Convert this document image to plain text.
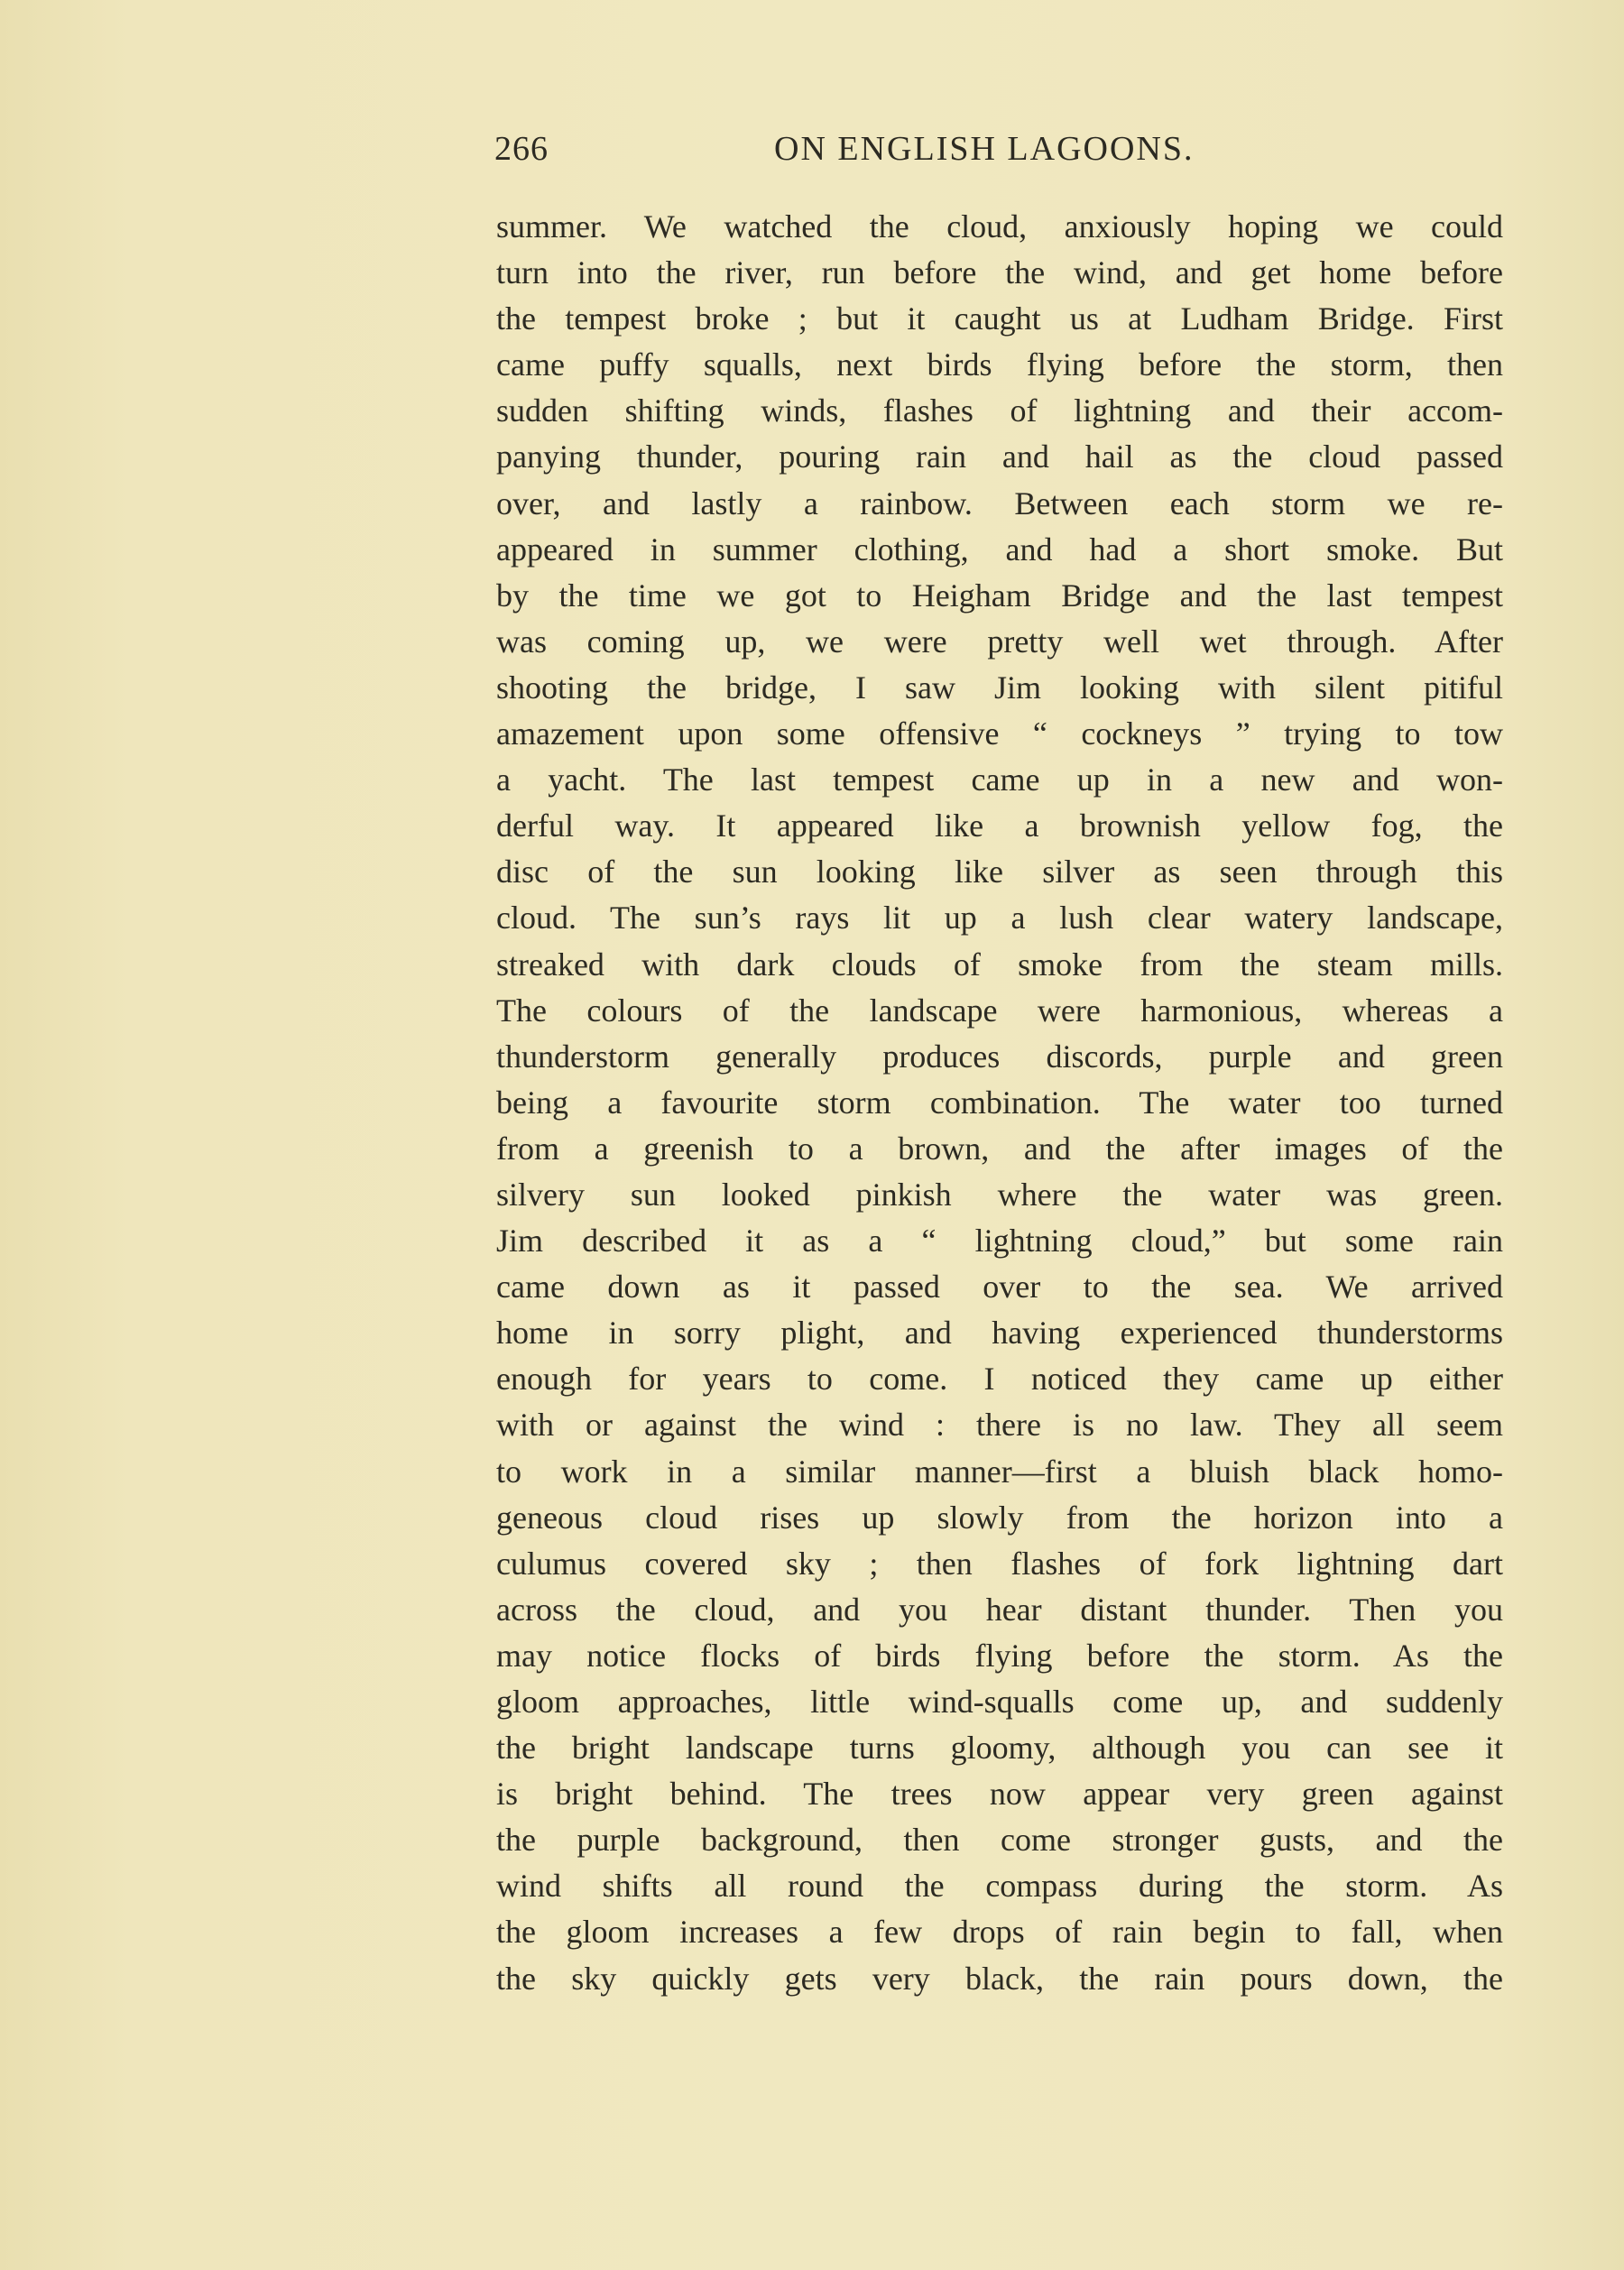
266	ON ENGLISH LAGOONS.
summer. We watched the cloud, anxiously hoping we could
turn into the river, run before the wind, and get home before
the tempest broke ; but it caught us at Ludham Bridge. First
came puffy squalls, next birds flying before the storm, then
sudden shifting winds, flashes of lightning and their accom-
panying thunder, pouring rain and hail as the cloud passed
over, and lastly a rainbow. Between each storm we re-
appeared in summer clothing, and had a short smoke. But
by the time we got to Heigham Bridge and the last tempest
was coming up, we were pretty well wet through. After
shooting the bridge, I saw Jim looking with silent pitiful
amazement upon some offensive “ cockneys ” trying to tow
a yacht. The last tempest came up in a new and won-
derful way. It appeared like a brownish yellow fog, the
disc of the sun looking like silver as seen through this
cloud. The sun’s rays lit up a lush clear watery landscape,
streaked with dark clouds of smoke from the steam mills.
The colours of the landscape were harmonious, whereas a
thunderstorm generally produces discords, purple and green
being a favourite storm combination. The water too turned
from a greenish to a brown, and the after images of the
silvery sun looked pinkish where the water was green.
Jim described it as a “ lightning cloud,” but some rain
came down as it passed over to the sea. We arrived
home in sorry plight, and having experienced thunderstorms
enough for years to come. I noticed they came up either
with or against the wind : there is no law. They all seem
to work in a similar manner—first a bluish black homo-
geneous cloud rises up slowly from the horizon into a
culumus covered sky ; then flashes of fork lightning dart
across the cloud, and you hear distant thunder. Then you
may notice flocks of birds flying before the storm. As the
gloom approaches, little wind-squalls come up, and suddenly
the bright landscape turns gloomy, although you can see it
is bright behind. The trees now appear very green against
the purple background, then come stronger gusts, and the
wind shifts all round the compass during the storm. As
the gloom increases a few drops of rain begin to fall, when
the sky quickly gets very black, the rain pours down, the
